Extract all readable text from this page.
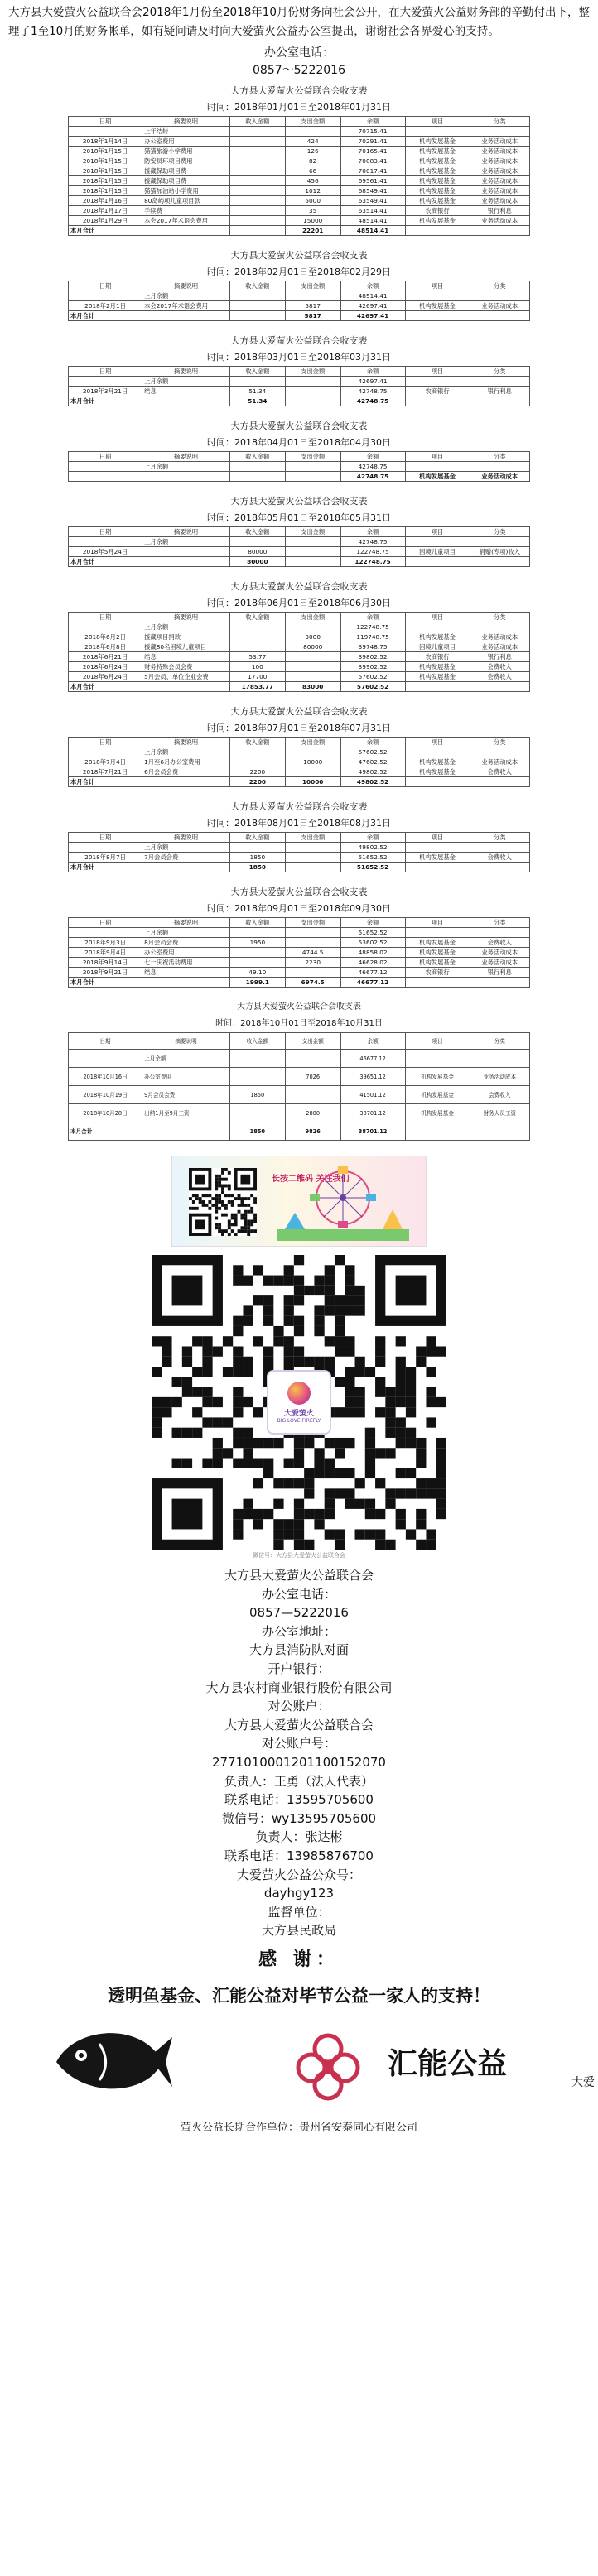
大方县大爱萤火公益联合会2018年1月份至2018年10月份财务向社会公开，在大爱萤火公益财务部的辛勤付出下，整理了1至10月的财务帐单，如有疑问请及时向大爱萤火公益办公室提出，谢谢社会各界爱心的支持。
办公室电话：
0857～5222016
大方县大爱萤火公益联合会收支表
时间：2018年01月01日至2018年01月31日
日期	摘要说明	收入金额	支出金额	余额	项目	分类
	上年结转			70715.41		
2018年1月14日	办公室费用		424	70291.41	机构发展基金	业务活动成本
2018年1月15日	猫猫旅游小学费用		126	70165.41	机构发展基金	业务活动成本
2018年1月15日	防安员环项目费用		82	70083.41	机构发展基金	业务活动成本
2018年1月15日	援藏保助项目费		66	70017.41	机构发展基金	业务活动成本
2018年1月15日	援藏保助项目费		456	69561.41	机构发展基金	业务活动成本
2018年1月15日	猫猫加油站小学费用		1012	68549.41	机构发展基金	业务活动成本
2018年1月16日	80岛屿项儿童项目款		5000	63549.41	机构发展基金	业务活动成本
2018年1月17日	手续费		35	63514.41	农商银行	银行利息
2018年1月29日	本会2017年术语会费用		15000	48514.41	机构发展基金	业务活动成本
本月合计			22201	48514.41		
大方县大爱萤火公益联合会收支表
时间：2018年02月01日至2018年02月29日
日期	摘要说明	收入金额	支出金额	余额	项目	分类
	上月余额			48514.41		
2018年2月1日	本会2017年术语会费用		5817	42697.41	机构发展基金	业务活动成本
本月合计			5817	42697.41		
大方县大爱萤火公益联合会收支表
时间：2018年03月01日至2018年03月31日
日期	摘要说明	收入金额	支出金额	余额	项目	分类
	上月余额			42697.41		
2018年3月21日	结息	51.34		42748.75	农商银行	银行利息
本月合计		51.34		42748.75		
大方县大爱萤火公益联合会收支表
时间：2018年04月01日至2018年04月30日
日期	摘要说明	收入金额	支出金额	余额	项目	分类
	上月余额			42748.75		
				42748.75	机构发展基金	业务活动成本
大方县大爱萤火公益联合会收支表
时间：2018年05月01日至2018年05月31日
日期	摘要说明	收入金额	支出金额	余额	项目	分类
	上月余额			42748.75		
2018年5月24日		80000		122748.75	困境儿童项目	捐赠(专项)收入
本月合计		80000		122748.75		
大方县大爱萤火公益联合会收支表
时间：2018年06月01日至2018年06月30日
日期	摘要说明	收入金额	支出金额	余额	项目	分类
	上月余额			122748.75		
2018年6月2日	援藏项目捐款		3000	119748.75	机构发展基金	业务活动成本
2018年6月8日	援藏80名困境儿童项目		80000	39748.75	困境儿童项目	业务活动成本
2018年6月21日	结息	53.77		39802.52	农商银行	银行利息
2018年6月24日	财务特殊会员会费	100		39902.52	机构发展基金	会费收入
2018年6月24日	5月会员、单位企业会费	17700		57602.52	机构发展基金	会费收入
本月合计		17853.77	83000	57602.52		
大方县大爱萤火公益联合会收支表
时间：2018年07月01日至2018年07月31日
日期	摘要说明	收入金额	支出金额	余额	项目	分类
	上月余额			57602.52		
2018年7月4日	1月至6月办公室费用		10000	47602.52	机构发展基金	业务活动成本
2018年7月21日	6月会员会费	2200		49802.52	机构发展基金	会费收入
本月合计		2200	10000	49802.52		
大方县大爱萤火公益联合会收支表
时间：2018年08月01日至2018年08月31日
日期	摘要说明	收入金额	支出金额	余额	项目	分类
	上月余额			49802.52		
2018年8月7日	7月会员会费	1850		51652.52	机构发展基金	会费收入
本月合计		1850		51652.52		
大方县大爱萤火公益联合会收支表
时间：2018年09月01日至2018年09月30日
日期	摘要说明	收入金额	支出金额	余额	项目	分类
	上月余额			51652.52		
2018年9月3日	8月会员会费	1950		53602.52	机构发展基金	会费收入
2018年9月4日	办公室费用		4744.5	48858.02	机构发展基金	业务活动成本
2018年9月14日	七一庆祝活动费用		2230	46628.02	机构发展基金	业务活动成本
2018年9月21日	结息	49.10		46677.12	农商银行	银行利息
本月合计		1999.1	6974.5	46677.12		
大方县大爱萤火公益联合会收支表
时间：2018年10月01日至2018年10月31日
日期	摘要说明	收入金额	支出金额	余额	项目	分类
	上月余额			46677.12		
2018年10月16日	办公室费用		7026	39651.12	机构发展基金	业务活动成本
2018年10月19日	9月会员会费	1850		41501.12	机构发展基金	会费收入
2018年10月28日	出纳1月至9月工资		2800	38701.12	机构发展基金	财务人员工资
本月合计		1850	9826	38701.12		
长按二维码 关注我们
大爱萤火
BIG LOVE FIREFLY
微信号：大方县大爱萤火公益联合会
大方县大爱萤火公益联合会
办公室电话：
0857—5222016
办公室地址：
大方县消防队对面
开户银行：
大方县农村商业银行股份有限公司
对公账户：
大方县大爱萤火公益联合会
对公账户号：
2771010001201100152070
负责人：王勇（法人代表）
联系电话：13595705600
微信号：wy13595705600
负责人：张达彬
联系电话：13985876700
大爱萤火公益公众号：
dayhgy123
监督单位：
大方县民政局
感 谢：
透明鱼基金、汇能公益对毕节公益一家人的支持！
汇能公益
大爱
萤火公益长期合作单位：贵州省安泰同心有限公司
